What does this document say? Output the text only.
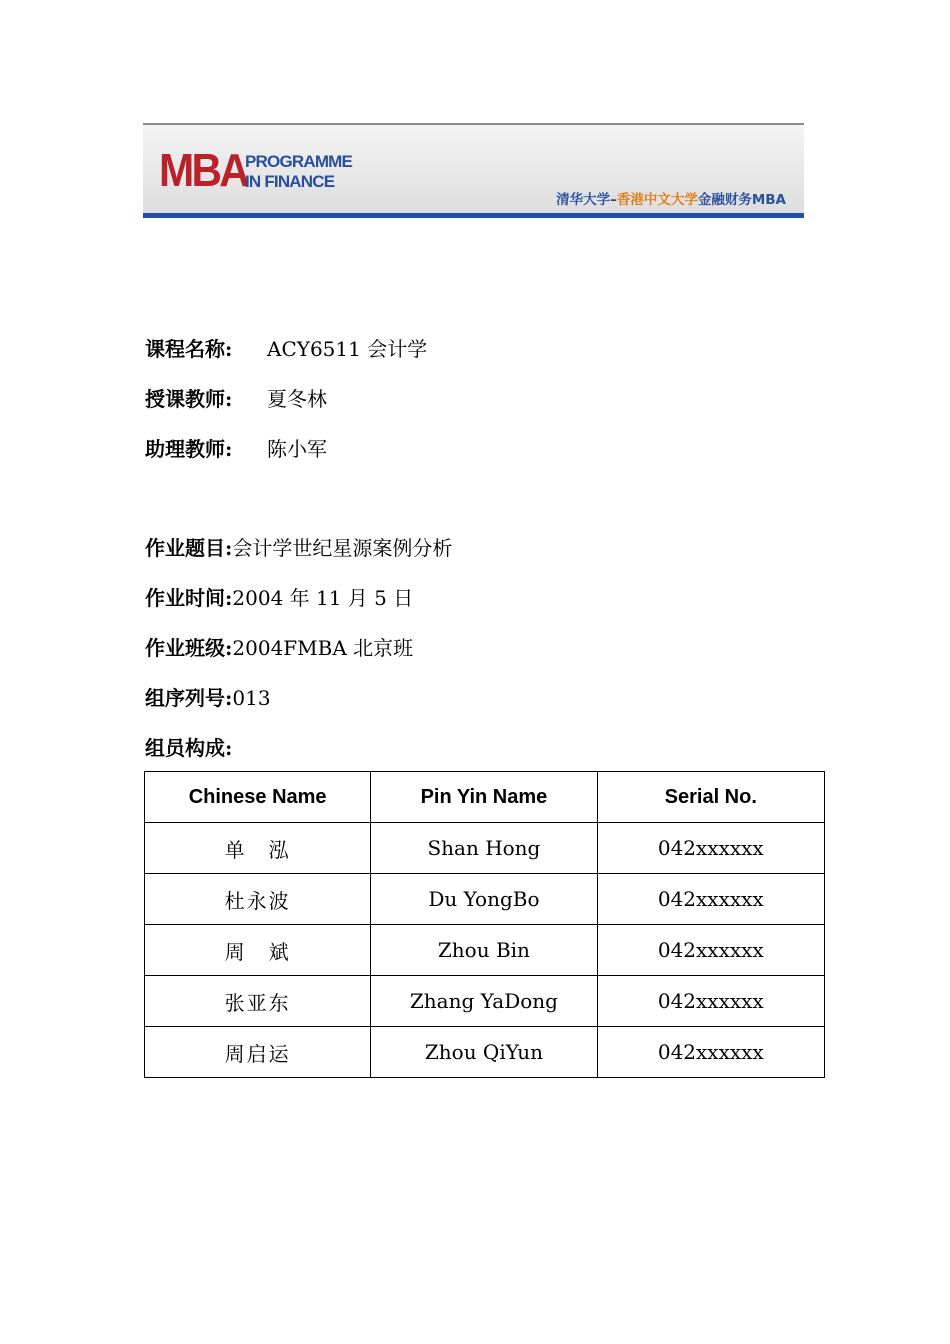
MBA
PROGRAMME
IN FINANCE
清华大学–香港中文大学金融财务MBA
课程名称: ACY6511 会计学
授课教师: 夏冬林
助理教师: 陈小军
作业题目:会计学世纪星源案例分析
作业时间:2004 年 11 月 5 日
作业班级:2004FMBA 北京班
组序列号:013
组员构成:
Chinese Name	Pin Yin Name	Serial No.
单　泓	Shan Hong	042xxxxxx
杜永波	Du YongBo	042xxxxxx
周　斌	Zhou Bin	042xxxxxx
张亚东	Zhang YaDong	042xxxxxx
周启运	Zhou QiYun	042xxxxxx
